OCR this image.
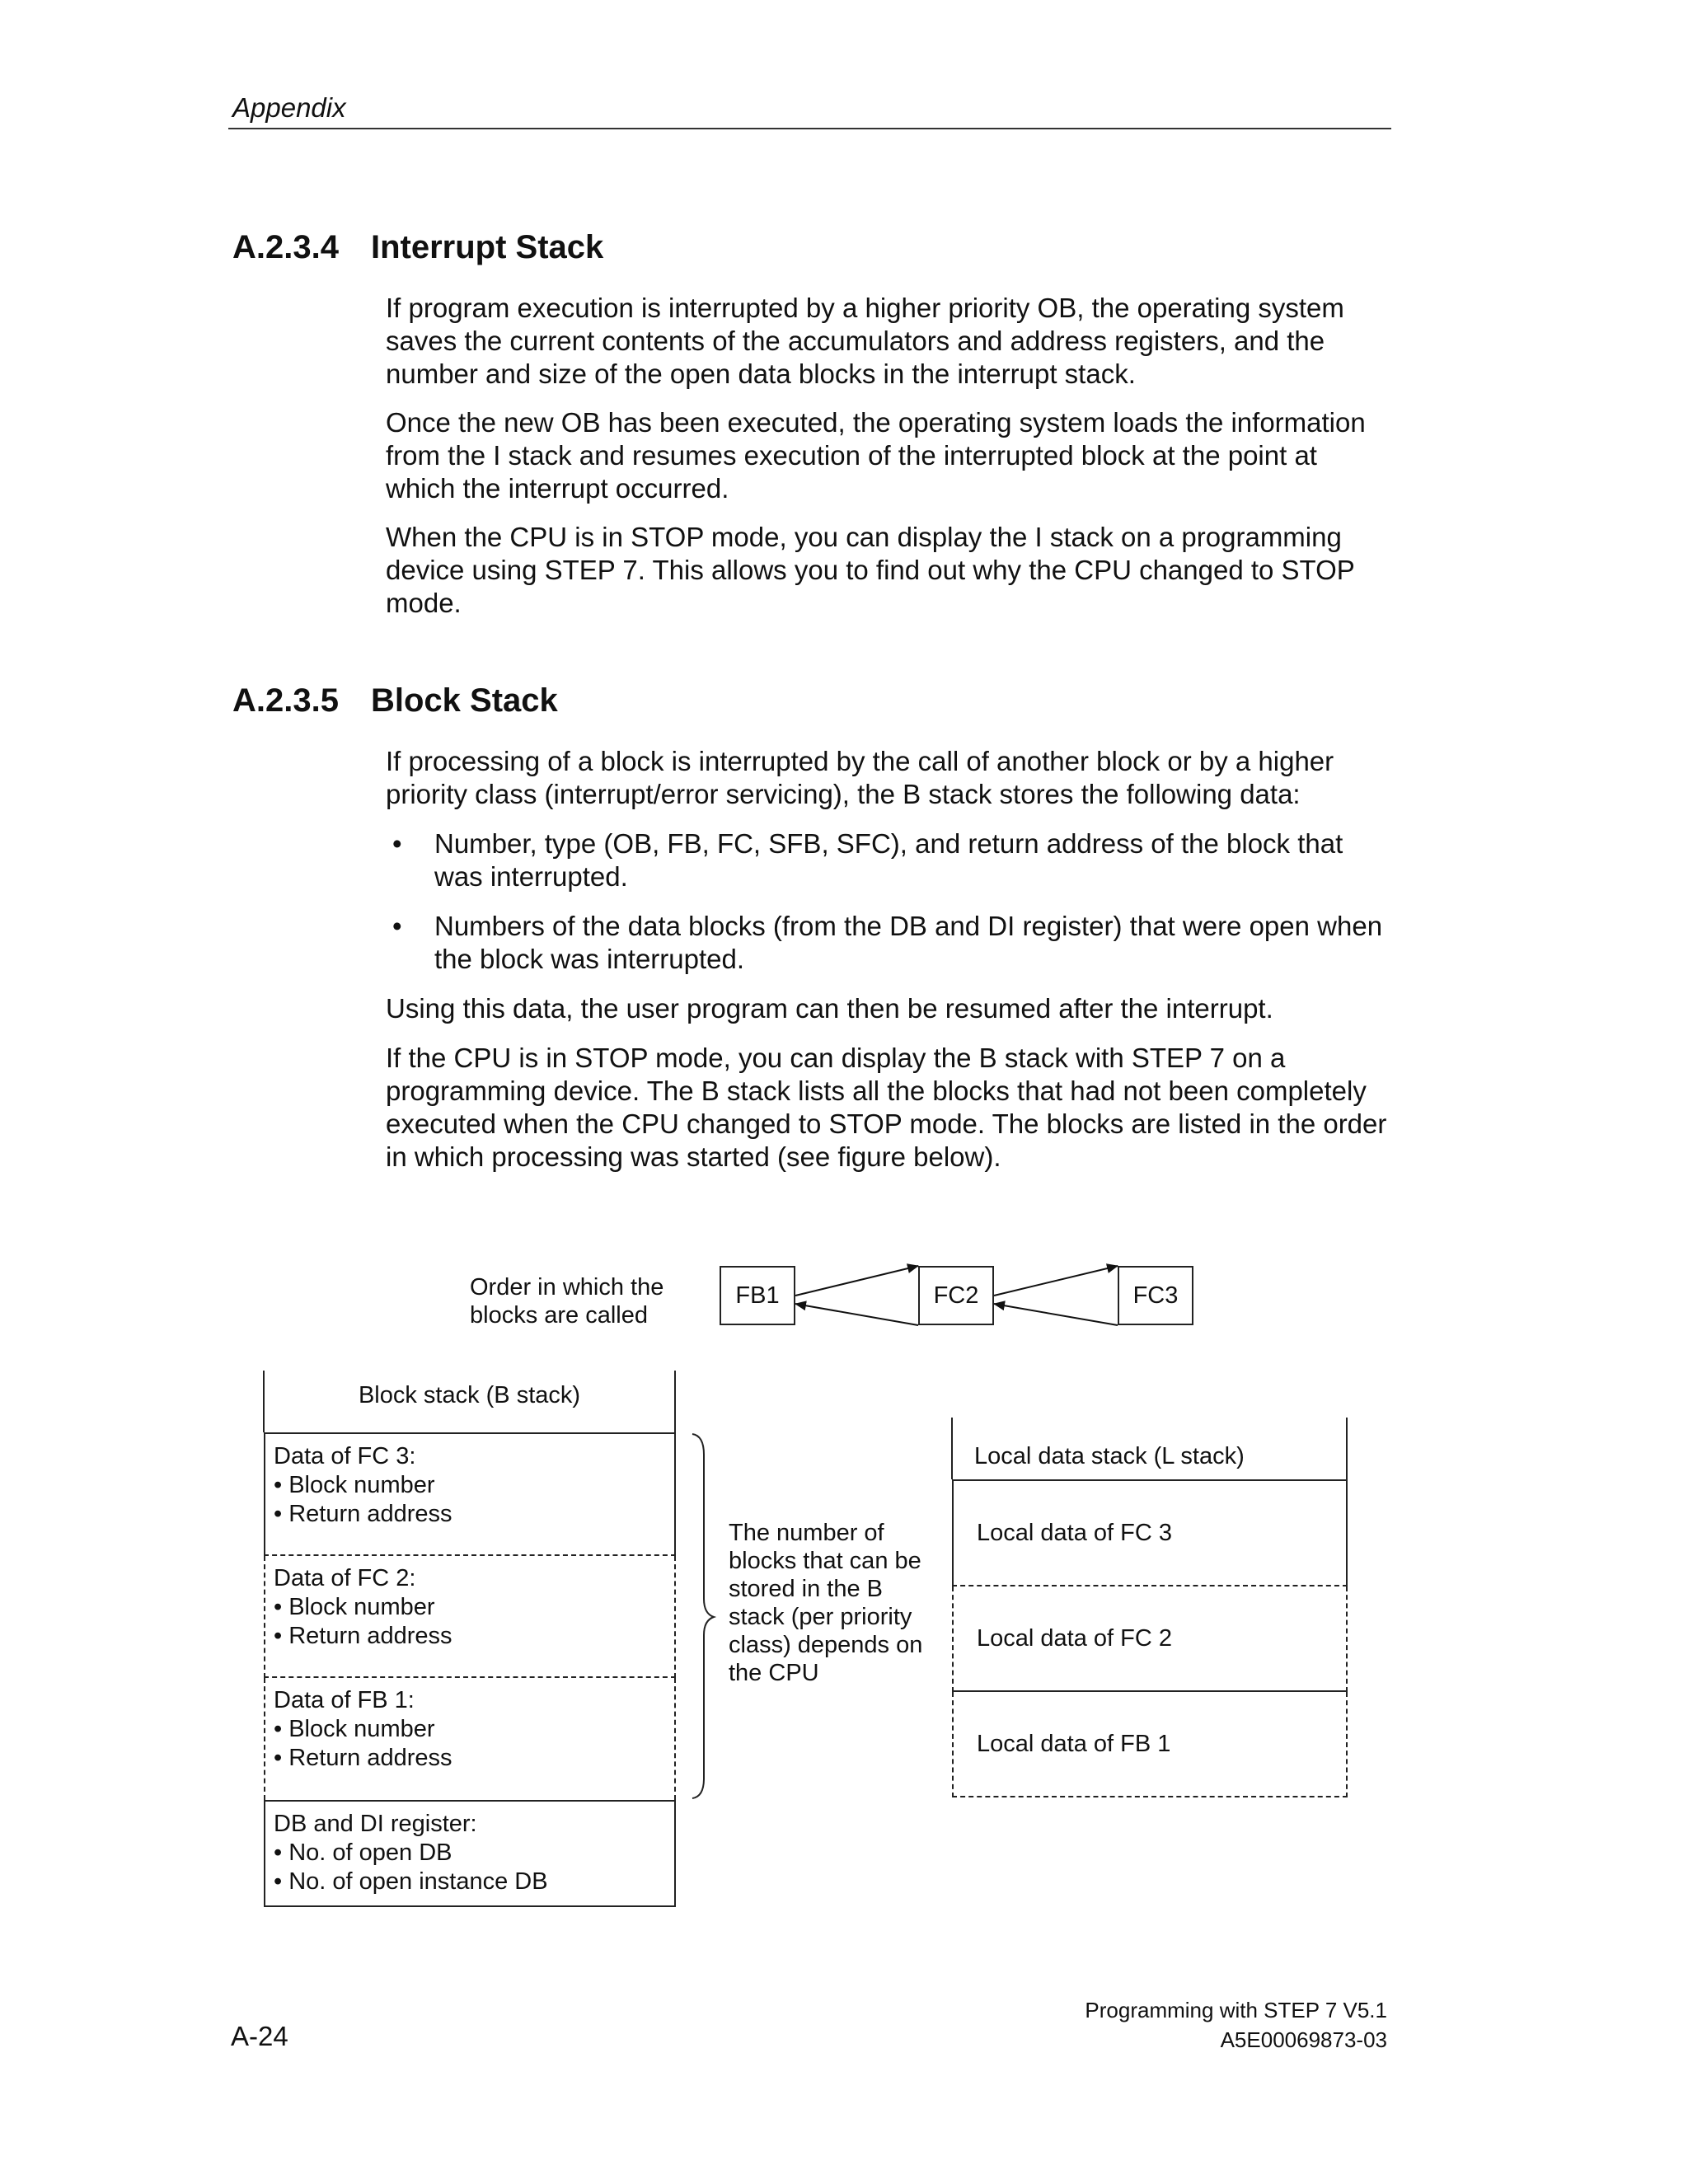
Appendix
A.2.3.4 Interrupt Stack
If program execution is interrupted by a higher priority OB, the operating system
saves the current contents of the accumulators and address registers, and the
number and size of the open data blocks in the interrupt stack.
Once the new OB has been executed, the operating system loads the information
from the I stack and resumes execution of the interrupted block at the point at
which the interrupt occurred.
When the CPU is in STOP mode, you can display the I stack on a programming
device using STEP 7. This allows you to find out why the CPU changed to STOP
mode.
A.2.3.5 Block Stack
If processing of a block is interrupted by the call of another block or by a higher
priority class (interrupt/error servicing), the B stack stores the following data:
• Number, type (OB, FB, FC, SFB, SFC), and return address of the block that
was interrupted.
• Numbers of the data blocks (from the DB and DI register) that were open when
the block was interrupted.
Using this data, the user program can then be resumed after the interrupt.
If the CPU is in STOP mode, you can display the B stack with STEP 7 on a
programming device. The B stack lists all the blocks that had not been completely
executed when the CPU changed to STOP mode. The blocks are listed in the order
in which processing was started (see figure below).
Order in which the
blocks are called
FB1	FC2	FC3
Block stack (B stack)
Data of FC 3:
• Block number
• Return address
Data of FC 2:
• Block number
• Return address
Data of FB 1:
• Block number
• Return address
DB and DI register:
• No. of open DB
• No. of open instance DB
The number of
blocks that can be
stored in the B
stack (per priority
class) depends on
the CPU
Local data stack (L stack)
Local data of FC 3
Local data of FC 2
Local data of FB 1
A-24
Programming with STEP 7 V5.1
A5E00069873-03
